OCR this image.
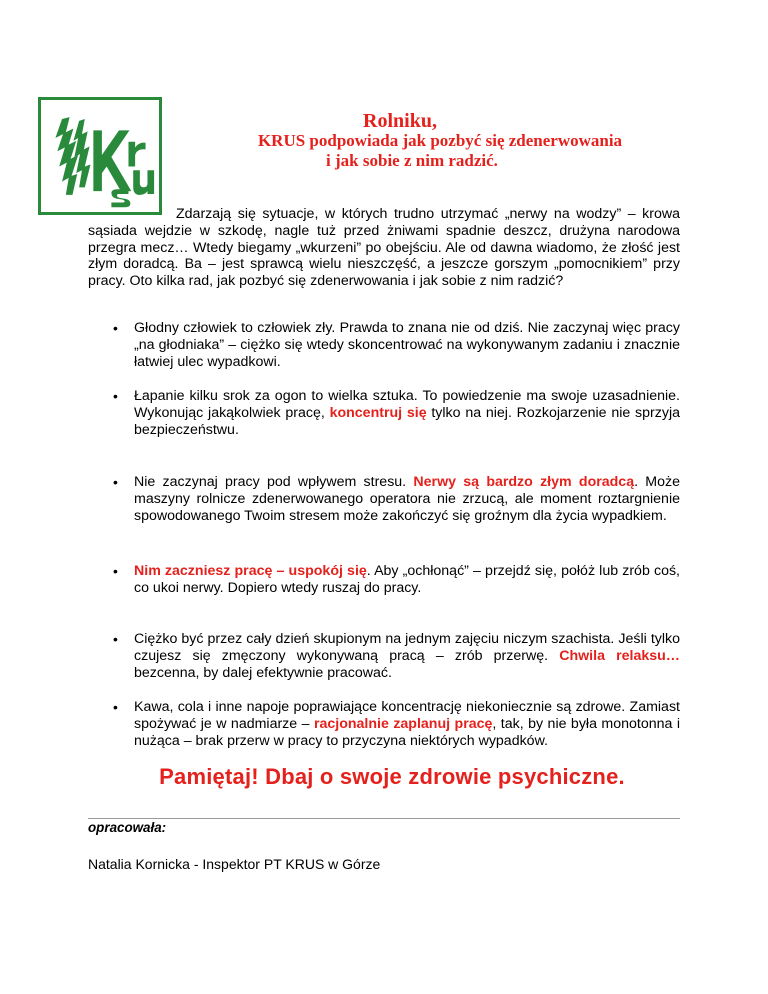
Rolniku,
KRUS podpowiada jak pozbyć się zdenerwowania
i jak sobie z nim radzić.

Zdarzają się sytuacje, w których trudno utrzymać „nerwy na wodzy” – krowa sąsiada wejdzie w szkodę, nagle tuż przed żniwami spadnie deszcz, drużyna narodowa przegra mecz… Wtedy biegamy „wkurzeni” po obejściu. Ale od dawna wiadomo, że złość jest złym doradcą. Ba – jest sprawcą wielu nieszczęść, a jeszcze gorszym „pomocnikiem” przy pracy. Oto kilka rad, jak pozbyć się zdenerwowania i jak sobie z nim radzić?

• Głodny człowiek to człowiek zły. Prawda to znana nie od dziś. Nie zaczynaj więc pracy „na głodniaka” – ciężko się wtedy skoncentrować na wykonywanym zadaniu i znacznie łatwiej ulec wypadkowi.
• Łapanie kilku srok za ogon to wielka sztuka. To powiedzenie ma swoje uzasadnienie. Wykonując jakąkolwiek pracę, koncentruj się tylko na niej. Rozkojarzenie nie sprzyja bezpieczeństwu.
• Nie zaczynaj pracy pod wpływem stresu. Nerwy są bardzo złym doradcą. Może maszyny rolnicze zdenerwowanego operatora nie zrzucą, ale moment roztargnienie spowodowanego Twoim stresem może zakończyć się groźnym dla życia wypadkiem.
• Nim zaczniesz pracę – uspokój się. Aby „ochłonąć” – przejdź się, połóż lub zrób coś, co ukoi nerwy. Dopiero wtedy ruszaj do pracy.
• Ciężko być przez cały dzień skupionym na jednym zajęciu niczym szachista. Jeśli tylko czujesz się zmęczony wykonywaną pracą – zrób przerwę. Chwila relaksu… bezcenna, by dalej efektywnie pracować.
• Kawa, cola i inne napoje poprawiające koncentrację niekoniecznie są zdrowe. Zamiast spożywać je w nadmiarze – racjonalnie zaplanuj pracę, tak, by nie była monotonna i nużąca – brak przerw w pracy to przyczyna niektórych wypadków.

Pamiętaj! Dbaj o swoje zdrowie psychiczne.

opracowała:

Natalia Kornicka - Inspektor PT KRUS w Górze
